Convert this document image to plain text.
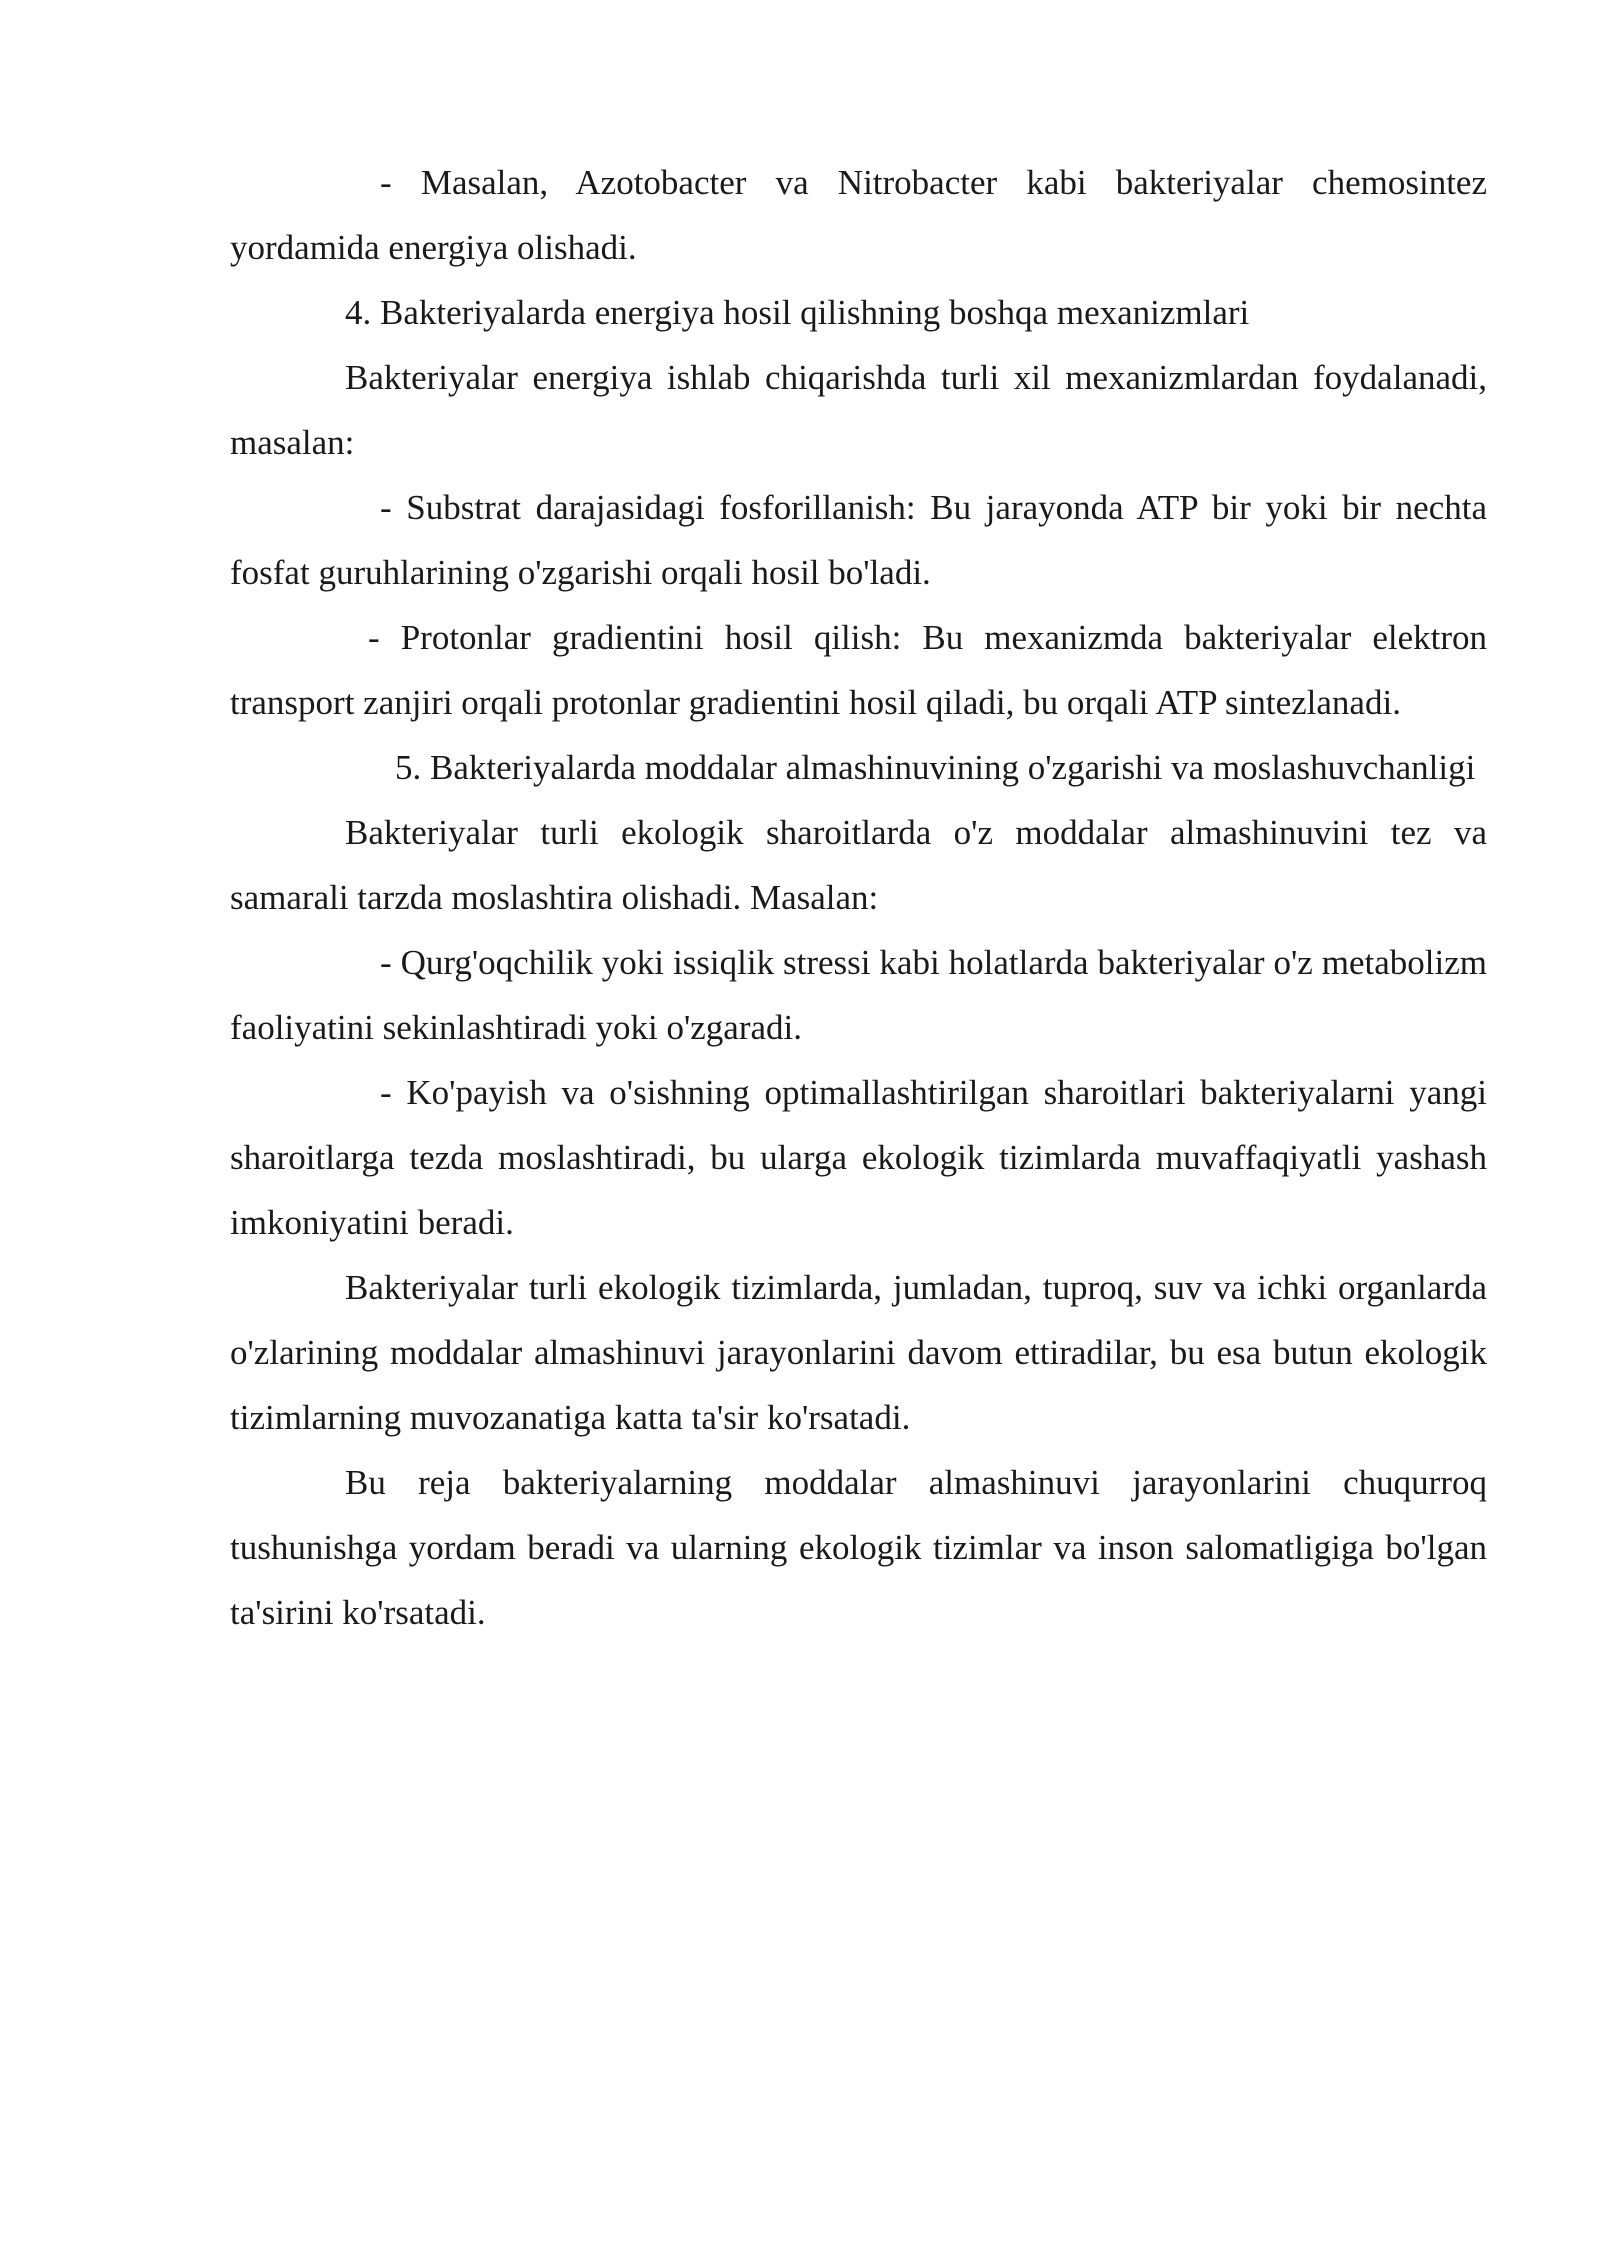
- Masalan, Azotobacter va Nitrobacter kabi bakteriyalar chemosintez yordamida energiya olishadi.

4. Bakteriyalarda energiya hosil qilishning boshqa mexanizmlari

Bakteriyalar energiya ishlab chiqarishda turli xil mexanizmlardan foydalanadi, masalan:

- Substrat darajasidagi fosforillanish: Bu jarayonda ATP bir yoki bir nechta fosfat guruhlarining o'zgarishi orqali hosil bo'ladi.

- Protonlar gradientini hosil qilish: Bu mexanizmda bakteriyalar elektron transport zanjiri orqali protonlar gradientini hosil qiladi, bu orqali ATP sintezlanadi.

5. Bakteriyalarda moddalar almashinuvining o'zgarishi va moslashuvchanligi

Bakteriyalar turli ekologik sharoitlarda o'z moddalar almashinuvini tez va samarali tarzda moslashtira olishadi. Masalan:

- Qurg'oqchilik yoki issiqlik stressi kabi holatlarda bakteriyalar o'z metabolizm faoliyatini sekinlashtiradi yoki o'zgaradi.

- Ko'payish va o'sishning optimallashtirilgan sharoitlari bakteriyalarni yangi sharoitlarga tezda moslashtiradi, bu ularga ekologik tizimlarda muvaffaqiyatli yashash imkoniyatini beradi.

Bakteriyalar turli ekologik tizimlarda, jumladan, tuproq, suv va ichki organlarda o'zlarining moddalar almashinuvi jarayonlarini davom ettiradilar, bu esa butun ekologik tizimlarning muvozanatiga katta ta'sir ko'rsatadi.

Bu reja bakteriyalarning moddalar almashinuvi jarayonlarini chuqurroq tushunishga yordam beradi va ularning ekologik tizimlar va inson salomatligiga bo'lgan ta'sirini ko'rsatadi.
